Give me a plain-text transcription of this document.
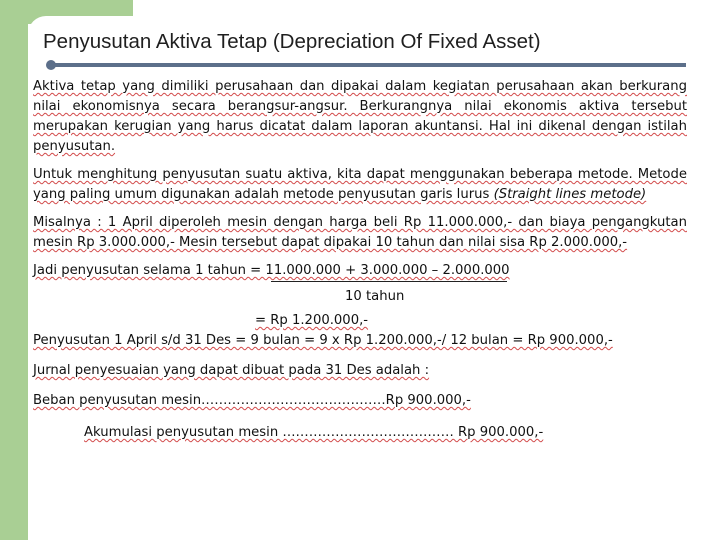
Penyusutan Aktiva Tetap (Depreciation Of Fixed Asset)

Aktiva tetap yang dimiliki perusahaan dan dipakai dalam kegiatan perusahaan akan berkurang nilai ekonomisnya secara berangsur-angsur. Berkurangnya nilai ekonomis aktiva tersebut merupakan kerugian yang harus dicatat dalam laporan akuntansi. Hal ini dikenal dengan istilah penyusutan.

Untuk menghitung penyusutan suatu aktiva, kita dapat menggunakan beberapa metode. Metode yang paling umum digunakan adalah metode penyusutan garis lurus (Straight lines metode)

Misalnya : 1 April diperoleh mesin dengan harga beli Rp 11.000.000,- dan biaya pengangkutan mesin Rp 3.000.000,- Mesin tersebut dapat dipakai 10 tahun dan nilai sisa Rp 2.000.000,-

Jadi penyusutan selama 1 tahun = 11.000.000 + 3.000.000 – 2.000.000
10 tahun
= Rp 1.200.000,-
Penyusutan 1 April s/d 31 Des = 9 bulan = 9 x Rp 1.200.000,-/ 12 bulan = Rp 900.000,-
Jurnal penyesuaian yang dapat dibuat pada 31 Des adalah :
Beban penyusutan mesin……………………………………Rp 900.000,-
Akumulasi penyusutan mesin ………………………………… Rp 900.000,-
